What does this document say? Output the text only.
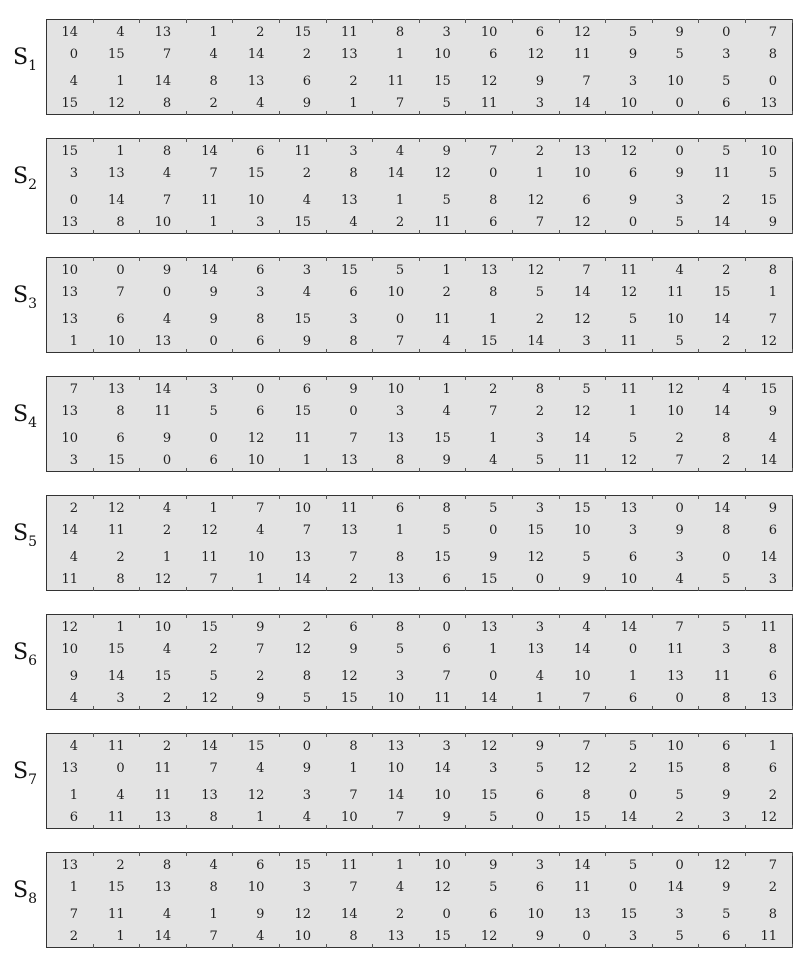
$S_1$
14	4	13	1	2	15	11	8	3	10	6	12	5	9	0	7
0	15	7	4	14	2	13	1	10	6	12	11	9	5	3	8
4	1	14	8	13	6	2	11	15	12	9	7	3	10	5	0
15	12	8	2	4	9	1	7	5	11	3	14	10	0	6	13
$S_2$
15	1	8	14	6	11	3	4	9	7	2	13	12	0	5	10
3	13	4	7	15	2	8	14	12	0	1	10	6	9	11	5
0	14	7	11	10	4	13	1	5	8	12	6	9	3	2	15
13	8	10	1	3	15	4	2	11	6	7	12	0	5	14	9
$S_3$
10	0	9	14	6	3	15	5	1	13	12	7	11	4	2	8
13	7	0	9	3	4	6	10	2	8	5	14	12	11	15	1
13	6	4	9	8	15	3	0	11	1	2	12	5	10	14	7
1	10	13	0	6	9	8	7	4	15	14	3	11	5	2	12
$S_4$
7	13	14	3	0	6	9	10	1	2	8	5	11	12	4	15
13	8	11	5	6	15	0	3	4	7	2	12	1	10	14	9
10	6	9	0	12	11	7	13	15	1	3	14	5	2	8	4
3	15	0	6	10	1	13	8	9	4	5	11	12	7	2	14
$S_5$
2	12	4	1	7	10	11	6	8	5	3	15	13	0	14	9
14	11	2	12	4	7	13	1	5	0	15	10	3	9	8	6
4	2	1	11	10	13	7	8	15	9	12	5	6	3	0	14
11	8	12	7	1	14	2	13	6	15	0	9	10	4	5	3
$S_6$
12	1	10	15	9	2	6	8	0	13	3	4	14	7	5	11
10	15	4	2	7	12	9	5	6	1	13	14	0	11	3	8
9	14	15	5	2	8	12	3	7	0	4	10	1	13	11	6
4	3	2	12	9	5	15	10	11	14	1	7	6	0	8	13
$S_7$
4	11	2	14	15	0	8	13	3	12	9	7	5	10	6	1
13	0	11	7	4	9	1	10	14	3	5	12	2	15	8	6
1	4	11	13	12	3	7	14	10	15	6	8	0	5	9	2
6	11	13	8	1	4	10	7	9	5	0	15	14	2	3	12
$S_8$
13	2	8	4	6	15	11	1	10	9	3	14	5	0	12	7
1	15	13	8	10	3	7	4	12	5	6	11	0	14	9	2
7	11	4	1	9	12	14	2	0	6	10	13	15	3	5	8
2	1	14	7	4	10	8	13	15	12	9	0	3	5	6	11
